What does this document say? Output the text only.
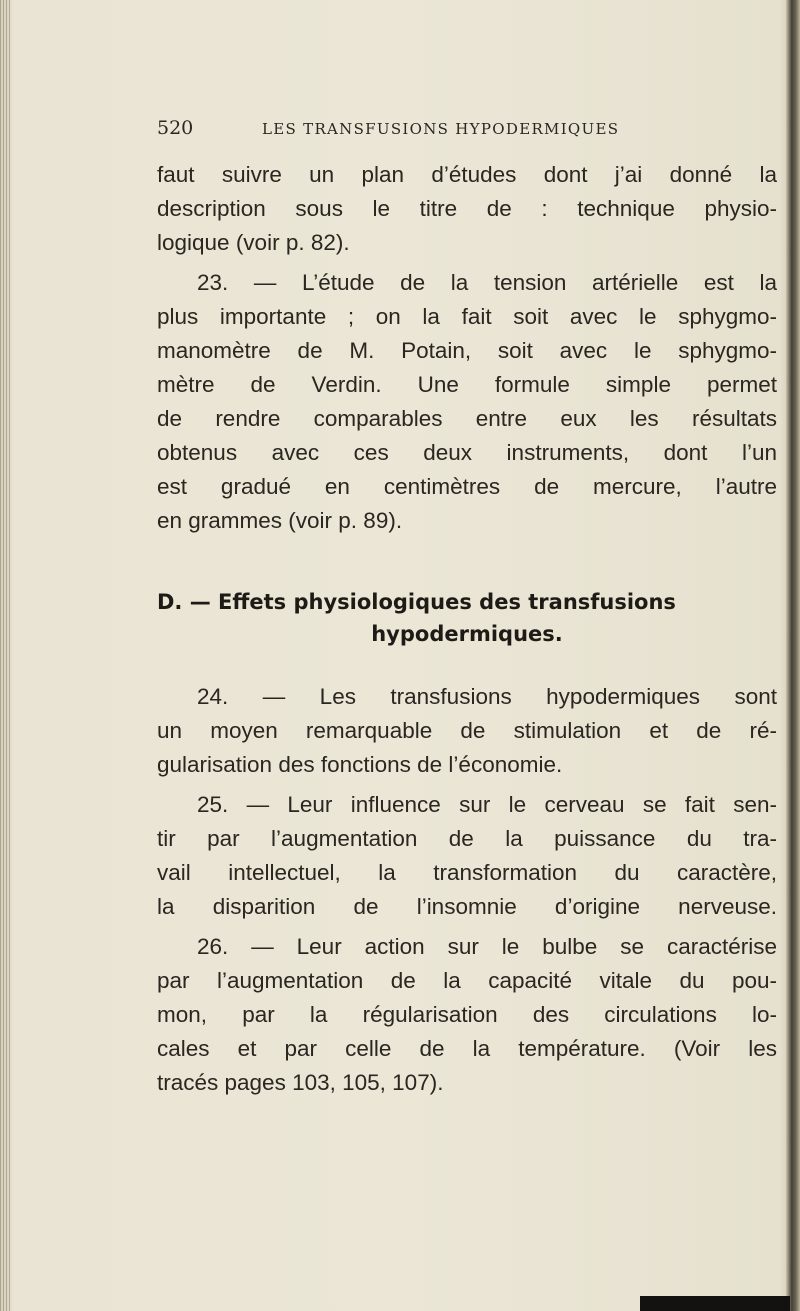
520	LES TRANSFUSIONS HYPODERMIQUES
faut suivre un plan d’études dont j’ai donné la
description sous le titre de : technique physio-
logique (voir p. 82).
23. — L’étude de la tension artérielle est la
plus importante ; on la fait soit avec le sphygmo-
manomètre de M. Potain, soit avec le sphygmo-
mètre de Verdin. Une formule simple permet
de rendre comparables entre eux les résultats
obtenus avec ces deux instruments, dont l’un
est gradué en centimètres de mercure, l’autre
en grammes (voir p. 89).
D. — Effets physiologiques des transfusions
hypodermiques.
24. — Les transfusions hypodermiques sont
un moyen remarquable de stimulation et de ré-
gularisation des fonctions de l’économie.
25. — Leur influence sur le cerveau se fait sen-
tir par l’augmentation de la puissance du tra-
vail intellectuel, la transformation du caractère,
la disparition de l’insomnie d’origine nerveuse.
26. — Leur action sur le bulbe se caractérise
par l’augmentation de la capacité vitale du pou-
mon, par la régularisation des circulations lo-
cales et par celle de la température. (Voir les
tracés pages 103, 105, 107).
